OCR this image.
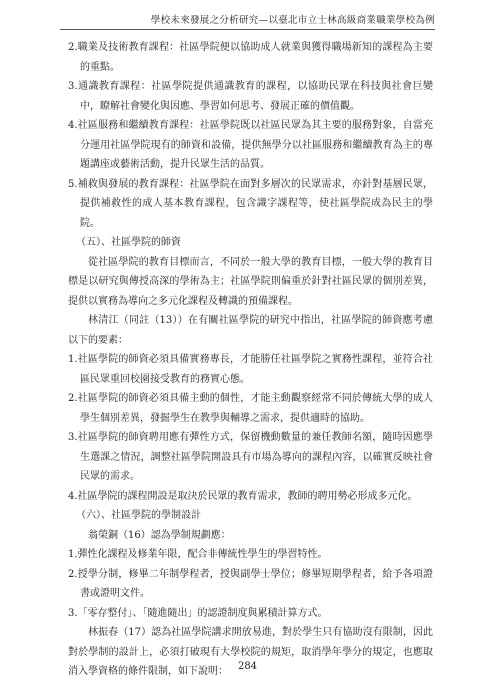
學校未來發展之分析研究—以臺北市立士林高級商業職業學校為例

2.職業及技術教育課程：社區學院便以協助成人就業與獲得職場新知的課程為主要的重點。

3.通識教育課程：社區學院提供通識教育的課程，以協助民眾在科技與社會巨變中，瞭解社會變化與因應、學習如何思考、發展正確的價值觀。

4.社區服務和繼續教育課程：社區學院既以社區民眾為其主要的服務對象，自當充分運用社區學院現有的師資和設備，提供無學分以社區服務和繼續教育為主的專題講座或藝術活動，提升民眾生活的品質。

5.補救與發展的教育課程：社區學院在面對多層次的民眾需求，亦針對基層民眾，提供補救性的成人基本教育課程，包含識字課程等，使社區學院成為民主的學院。

（五）、社區學院的師資

從社區學院的教育目標而言，不同於一般大學的教育目標，一般大學的教育目標是以研究與傳授高深的學術為主；社區學院則偏重於針對社區民眾的個別差異，提供以實務為導向之多元化課程及轉識的預備課程。

林清江（同註（13））在有關社區學院的研究中指出，社區學院的師資應考慮以下的要素：

1.社區學院的師資必須具備實務專長，才能勝任社區學院之實務性課程，並符合社區民眾重回校園接受教育的務實心態。

2.社區學院的師資必須具備主動的個性，才能主動觀察經常不同於傳統大學的成人學生個別差異，發掘學生在教學與輔導之需求，提供適時的協助。

3.社區學院的師資聘用應有彈性方式，保留機動數量的兼任教師名額，隨時因應學生選課之情況，調整社區學院開設具有市場為導向的課程內容，以確實反映社會民眾的需求。

4.社區學院的課程開設是取決於民眾的教育需求，教師的聘用勢必形成多元化。

（六）、社區學院的學制設計

翁榮銅（16）認為學制規劃應：

1.彈性化課程及修業年限，配合非傳統性學生的學習特性。

2.授學分制，修畢二年制學程者，授與副學士學位；修畢短期學程者，給予各項證書或證明文件。

3.「零存整付」、「隨進隨出」的認證制度與累積計算方式。

林振春（17）認為社區學院講求開放易進，對於學生只有協助沒有限制，因此對於學制的設計上，必須打破現有大學校院的規矩，取消學年學分的規定，也應取消入學資格的條件限制，如下說明： 284
